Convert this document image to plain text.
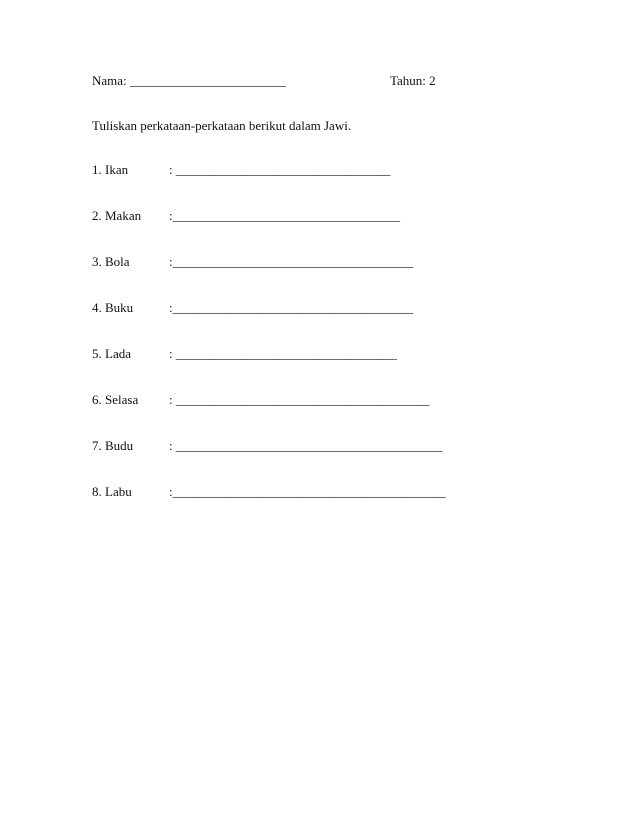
Nama: ________________________	Tahun: 2
Tuliskan perkataan-perkataan berikut dalam Jawi.
1. Ikan	: _________________________________
2. Makan :___________________________________
3. Bola	:_____________________________________
4. Buku	:_____________________________________
5. Lada	: __________________________________
6. Selasa : _______________________________________
7. Budu	: _________________________________________
8. Labu	:__________________________________________
